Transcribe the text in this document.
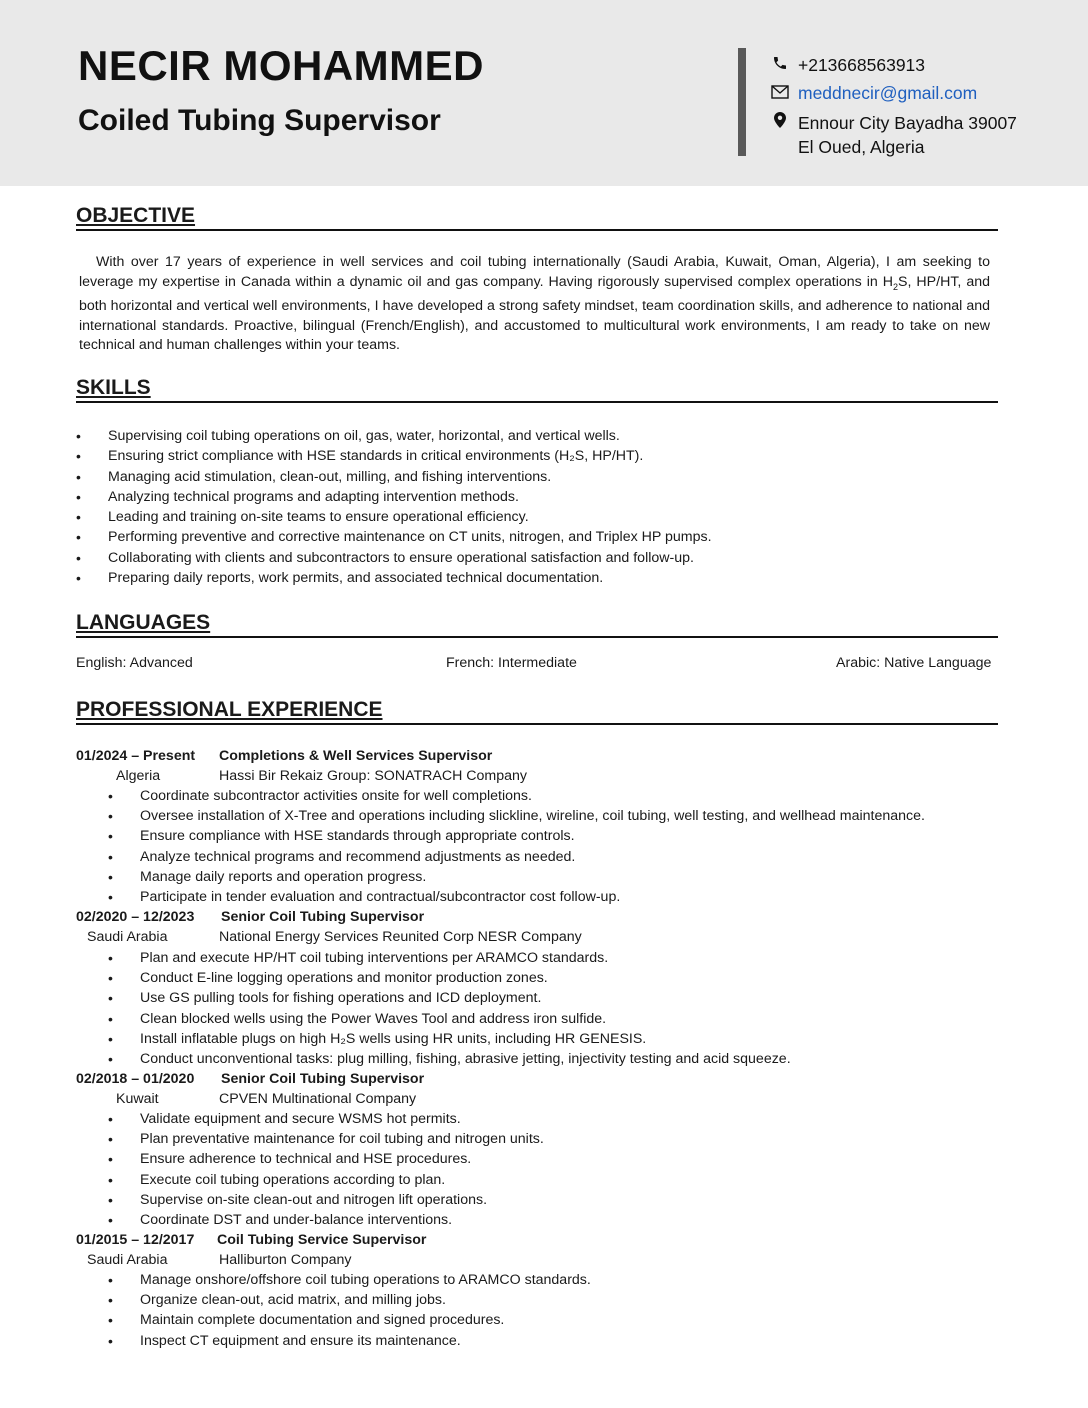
NECIR MOHAMMED
Coiled Tubing Supervisor
+213668563913
meddnecir@gmail.com
Ennour City Bayadha 39007
El Oued, Algeria
OBJECTIVE
With over 17 years of experience in well services and coil tubing internationally (Saudi Arabia, Kuwait, Oman, Algeria), I am seeking to leverage my expertise in Canada within a dynamic oil and gas company. Having rigorously supervised complex operations in $H_2S$, HP/HT, and both horizontal and vertical well environments, I have developed a strong safety mindset, team coordination skills, and adherence to national and international standards. Proactive, bilingual (French/English), and accustomed to multicultural work environments, I am ready to take on new technical and human challenges within your teams.
SKILLS
• Supervising coil tubing operations on oil, gas, water, horizontal, and vertical wells.
• Ensuring strict compliance with HSE standards in critical environments (H₂S, HP/HT).
• Managing acid stimulation, clean-out, milling, and fishing interventions.
• Analyzing technical programs and adapting intervention methods.
• Leading and training on-site teams to ensure operational efficiency.
• Performing preventive and corrective maintenance on CT units, nitrogen, and Triplex HP pumps.
• Collaborating with clients and subcontractors to ensure operational satisfaction and follow-up.
• Preparing daily reports, work permits, and associated technical documentation.
LANGUAGES
English: Advanced	French: Intermediate	Arabic: Native Language
PROFESSIONAL EXPERIENCE
01/2024 – Present Completions & Well Services Supervisor
Algeria	Hassi Bir Rekaiz Group: SONATRACH Company
• Coordinate subcontractor activities onsite for well completions.
• Oversee installation of X-Tree and operations including slickline, wireline, coil tubing, well testing, and wellhead maintenance.
• Ensure compliance with HSE standards through appropriate controls.
• Analyze technical programs and recommend adjustments as needed.
• Manage daily reports and operation progress.
• Participate in tender evaluation and contractual/subcontractor cost follow-up.
02/2020 – 12/2023 Senior Coil Tubing Supervisor
Saudi Arabia	National Energy Services Reunited Corp NESR Company
• Plan and execute HP/HT coil tubing interventions per ARAMCO standards.
• Conduct E-line logging operations and monitor production zones.
• Use GS pulling tools for fishing operations and ICD deployment.
• Clean blocked wells using the Power Waves Tool and address iron sulfide.
• Install inflatable plugs on high H₂S wells using HR units, including HR GENESIS.
• Conduct unconventional tasks: plug milling, fishing, abrasive jetting, injectivity testing and acid squeeze.
02/2018 – 01/2020 Senior Coil Tubing Supervisor
Kuwait	CPVEN Multinational Company
• Validate equipment and secure WSMS hot permits.
• Plan preventative maintenance for coil tubing and nitrogen units.
• Ensure adherence to technical and HSE procedures.
• Execute coil tubing operations according to plan.
• Supervise on-site clean-out and nitrogen lift operations.
• Coordinate DST and under-balance interventions.
01/2015 – 12/2017 Coil Tubing Service Supervisor
Saudi Arabia	Halliburton Company
• Manage onshore/offshore coil tubing operations to ARAMCO standards.
• Organize clean-out, acid matrix, and milling jobs.
• Maintain complete documentation and signed procedures.
• Inspect CT equipment and ensure its maintenance.
